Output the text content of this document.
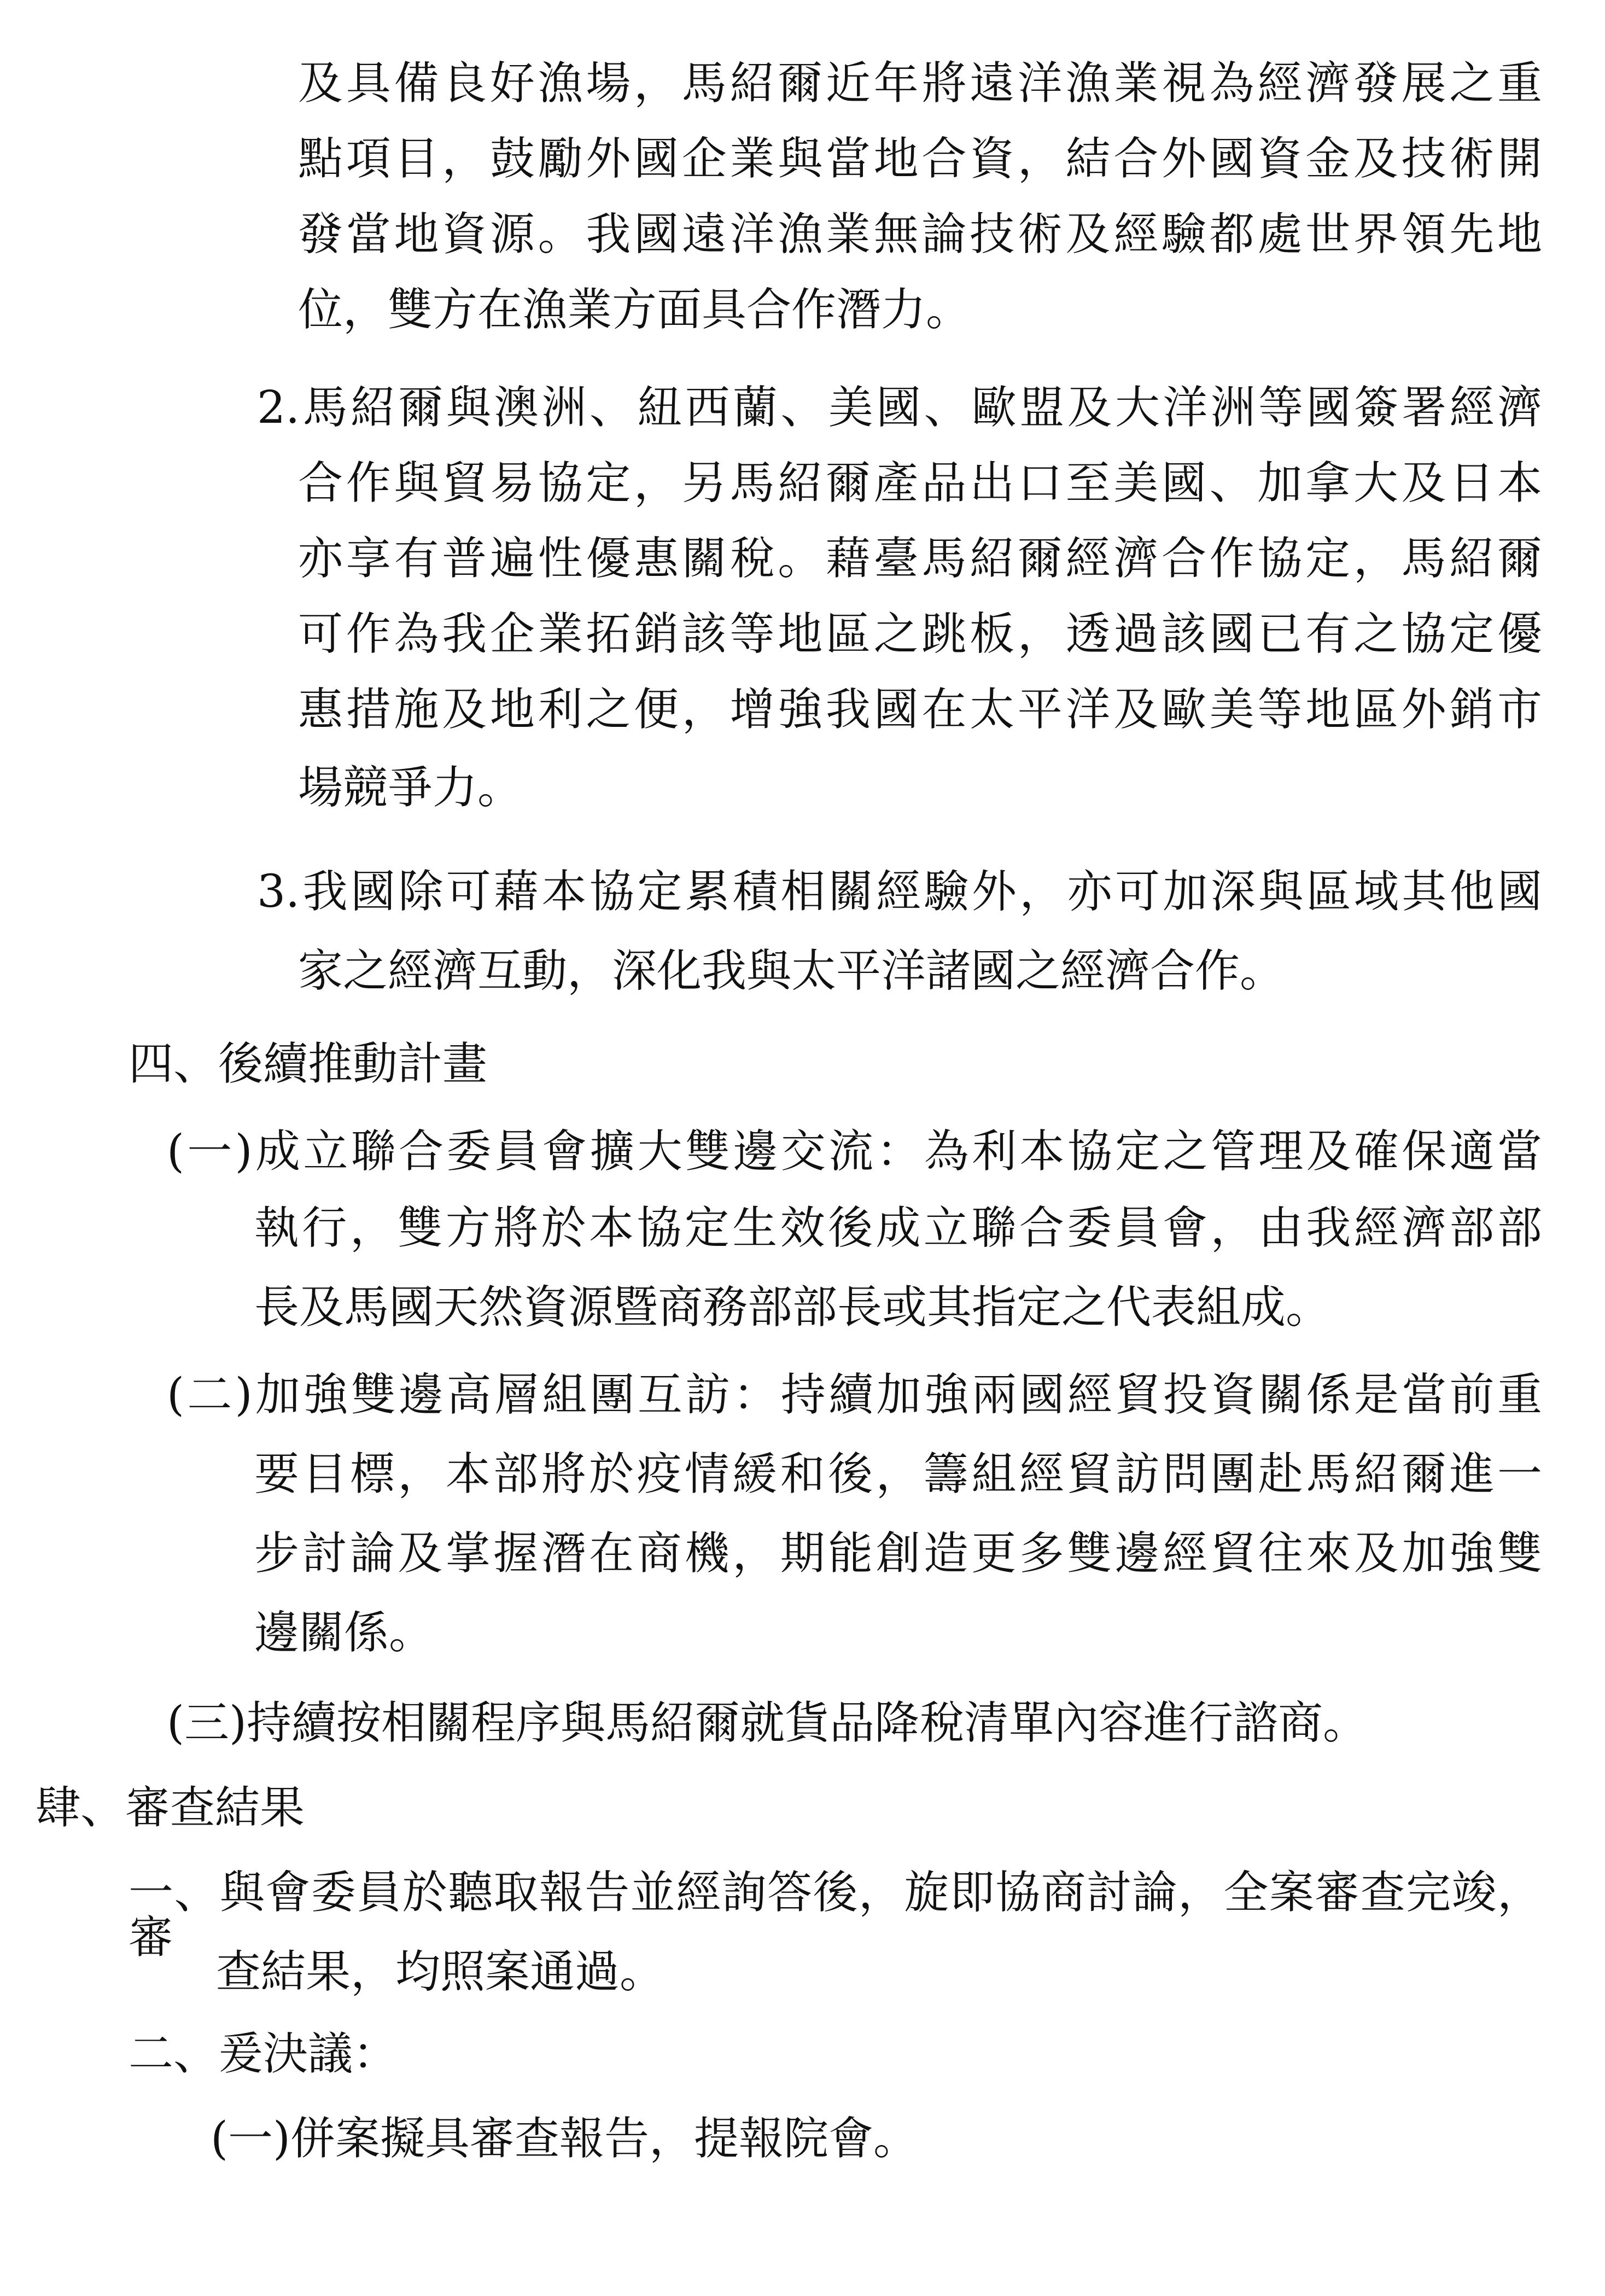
及具備良好漁場，馬紹爾近年將遠洋漁業視為經濟發展之重

點項目，鼓勵外國企業與當地合資，結合外國資金及技術開

發當地資源。我國遠洋漁業無論技術及經驗都處世界領先地

位，雙方在漁業方面具合作潛力。

2.馬紹爾與澳洲、紐西蘭、美國、歐盟及大洋洲等國簽署經濟

合作與貿易協定，另馬紹爾產品出口至美國、加拿大及日本

亦享有普遍性優惠關稅。藉臺馬紹爾經濟合作協定，馬紹爾

可作為我企業拓銷該等地區之跳板，透過該國已有之協定優

惠措施及地利之便，增強我國在太平洋及歐美等地區外銷市

場競爭力。

3.我國除可藉本協定累積相關經驗外，亦可加深與區域其他國

家之經濟互動，深化我與太平洋諸國之經濟合作。

四、後續推動計畫

(一)成立聯合委員會擴大雙邊交流：為利本協定之管理及確保適當

執行，雙方將於本協定生效後成立聯合委員會，由我經濟部部

長及馬國天然資源暨商務部部長或其指定之代表組成。

(二)加強雙邊高層組團互訪：持續加強兩國經貿投資關係是當前重

要目標，本部將於疫情緩和後，籌組經貿訪問團赴馬紹爾進一

步討論及掌握潛在商機，期能創造更多雙邊經貿往來及加強雙

邊關係。

(三)持續按相關程序與馬紹爾就貨品降稅清單內容進行諮商。

肆、審查結果

一、與會委員於聽取報告並經詢答後，旋即協商討論，全案審查完竣，審

查結果，均照案通過。

二、爰決議：

(一)併案擬具審查報告，提報院會。
